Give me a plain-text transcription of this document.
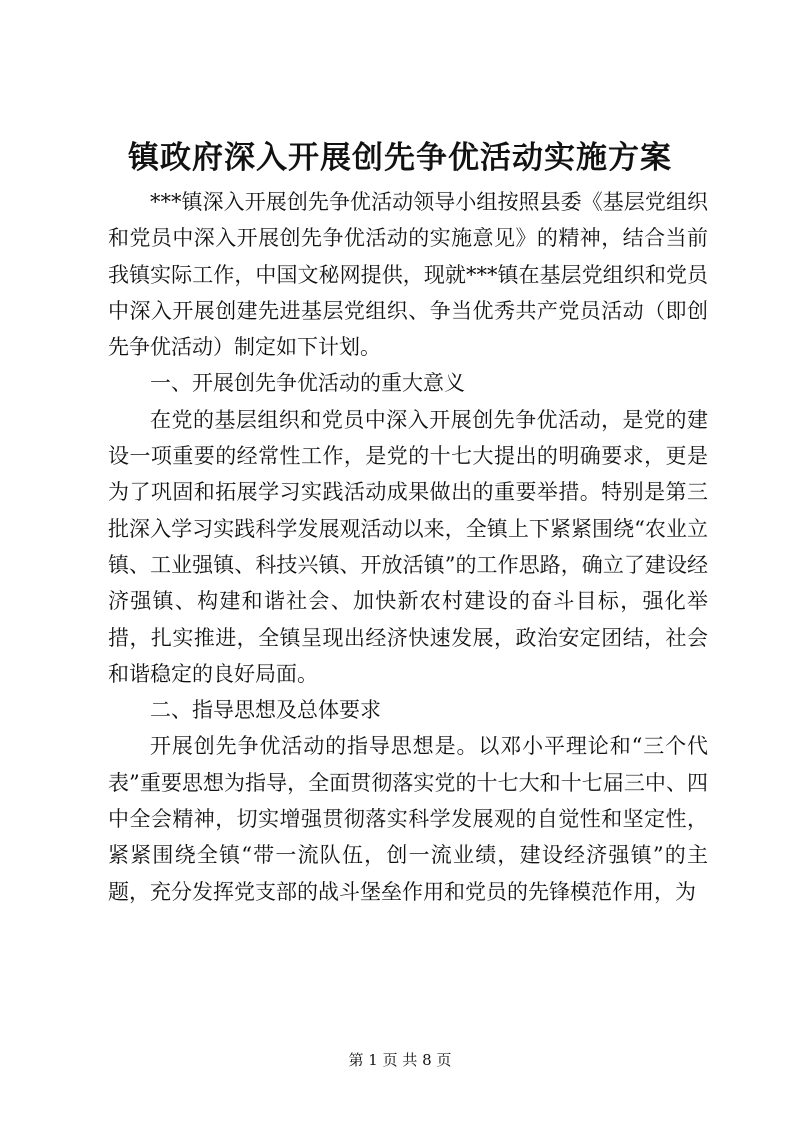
镇政府深入开展创先争优活动实施方案

***镇深入开展创先争优活动领导小组按照县委《基层党组织和党员中深入开展创先争优活动的实施意见》的精神，结合当前我镇实际工作，中国文秘网提供，现就***镇在基层党组织和党员中深入开展创建先进基层党组织、争当优秀共产党员活动（即创先争优活动）制定如下计划。

一、开展创先争优活动的重大意义

在党的基层组织和党员中深入开展创先争优活动，是党的建设一项重要的经常性工作，是党的十七大提出的明确要求，更是为了巩固和拓展学习实践活动成果做出的重要举措。特别是第三批深入学习实践科学发展观活动以来，全镇上下紧紧围绕“农业立镇、工业强镇、科技兴镇、开放活镇”的工作思路，确立了建设经济强镇、构建和谐社会、加快新农村建设的奋斗目标，强化举措，扎实推进，全镇呈现出经济快速发展，政治安定团结，社会和谐稳定的良好局面。

二、指导思想及总体要求

开展创先争优活动的指导思想是。以邓小平理论和“三个代表”重要思想为指导，全面贯彻落实党的十七大和十七届三中、四中全会精神，切实增强贯彻落实科学发展观的自觉性和坚定性，紧紧围绕全镇“带一流队伍，创一流业绩，建设经济强镇”的主题，充分发挥党支部的战斗堡垒作用和党员的先锋模范作用，为

第 1 页 共 8 页
